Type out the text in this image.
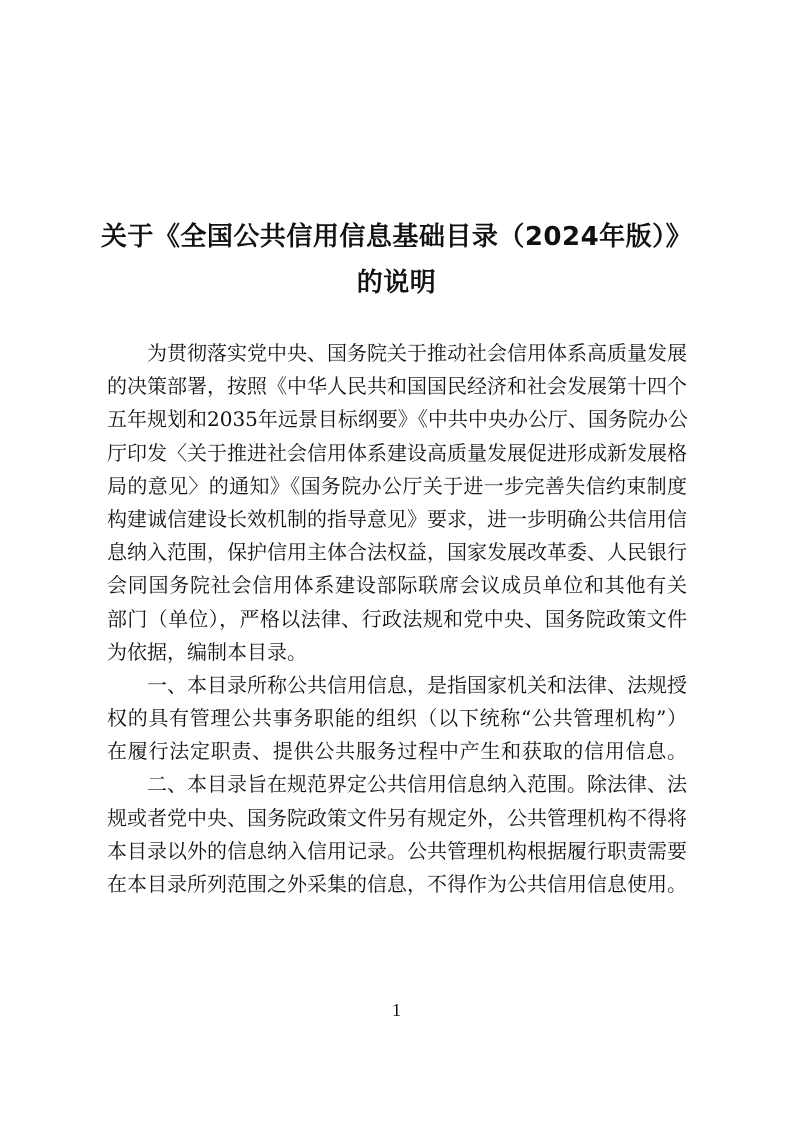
关于《全国公共信用信息基础目录（2024年版）》
的说明
为贯彻落实党中央、国务院关于推动社会信用体系高质量发展
的决策部署，按照《中华人民共和国国民经济和社会发展第十四个
五年规划和2035年远景目标纲要》《中共中央办公厅、国务院办公
厅印发〈关于推进社会信用体系建设高质量发展促进形成新发展格
局的意见〉的通知》《国务院办公厅关于进一步完善失信约束制度
构建诚信建设长效机制的指导意见》要求，进一步明确公共信用信
息纳入范围，保护信用主体合法权益，国家发展改革委、人民银行
会同国务院社会信用体系建设部际联席会议成员单位和其他有关
部门（单位），严格以法律、行政法规和党中央、国务院政策文件
为依据，编制本目录。
一、本目录所称公共信用信息，是指国家机关和法律、法规授
权的具有管理公共事务职能的组织（以下统称“公共管理机构”）
在履行法定职责、提供公共服务过程中产生和获取的信用信息。
二、本目录旨在规范界定公共信用信息纳入范围。除法律、法
规或者党中央、国务院政策文件另有规定外，公共管理机构不得将
本目录以外的信息纳入信用记录。公共管理机构根据履行职责需要
在本目录所列范围之外采集的信息，不得作为公共信用信息使用。
1
